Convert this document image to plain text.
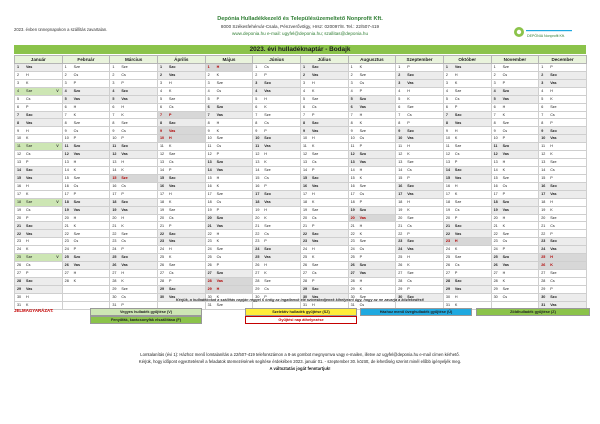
2023. évben ünnepnapokon a szállítás zavartalan.
Depónia Hulladékkezelő és Településüzemeltető Nonprofit Kft.
8000 Székesfehérvár-Csala, Pénzverővölgy, Hrsz: 020097/8. Tel.: 22/507-419
www.deponia.hu e-mail: ugyfel@deponia.hu; szallitas@deponia.hu	DEPÓNIA Nonprofit Kft.
2023. évi hulladéknaptár - Bodajk
Január	Február	Március	Április	Május	Június	Július	Augusztus	Szeptember	Október	November	December
1 Vas	1 Sze	1 Sze	1 Szo	1 H	1 Cs	1 Szo	1 K	1 P	1 Vas	1 Sze	1 P
2 H	2 Cs	2 Cs	2 Vas	2 K	2 P	2 Vas	2 Sze	2 Szo	2 H	2 Cs	2 Szo
3 K	3 P	3 P	3 H	3 Sze	3 Szo	3 H	3 Cs	3 Vas	3 K	3 P	3 Vas
4 Sze V	4 Szo	4 Szo	4 K	4 Cs	4 Vas	4 K	4 P	4 H	4 Sze	4 Szo	4 H
5 Cs	5 Vas	5 Vas	5 Sze	5 P	5 H	5 Sze	5 Szo	5 K	5 Cs	5 Vas	5 K
6 P	6 H	6 H	6 Cs	6 Szo	6 K	6 Cs	6 Vas	6 Sze	6 P	6 H	6 Sze
7 Szo	7 K	7 K	7 P	7 Vas	7 Sze	7 P	7 H	7 Cs	7 Szo	7 K	7 Cs
8 Vas	8 Sze	8 Sze	8 Szo	8 H	8 Cs	8 Szo	8 K	8 P	8 Vas	8 Sze	8 P
9 H	9 Cs	9 Cs	9 Vas	9 K	9 P	9 Vas	9 Sze	9 Szo	9 H	9 Cs	9 Szo
10 K	10 P	10 P	10 H	10 Sze	10 Szo	10 H	10 Cs	10 Vas	10 K	10 P	10 Vas
11 Sze V	11 Szo	11 Szo	11 K	11 Cs	11 Vas	11 K	11 P	11 H	11 Sze	11 Szo	11 H
12 Cs	12 Vas	12 Vas	12 Sze	12 P	12 H	12 Sze	12 Szo	12 K	12 Cs	12 Vas	12 K
13 P	13 H	13 H	13 Cs	13 Szo	13 K	13 Cs	13 Vas	13 Sze	13 P	13 H	13 Sze
14 Szo	14 K	14 K	14 P	14 Vas	14 Sze	14 P	14 H	14 Cs	14 Szo	14 K	14 Cs
15 Vas	15 Sze	15 Sze	15 Szo	15 H	15 Cs	15 Szo	15 K	15 P	15 Vas	15 Sze	15 P
16 H	16 Cs	16 Cs	16 Vas	16 K	16 P	16 Vas	16 Sze	16 Szo	16 H	16 Cs	16 Szo
17 K	17 P	17 P	17 H	17 Sze	17 Szo	17 H	17 Cs	17 Vas	17 K	17 P	17 Vas
18 Sze V	18 Szo	18 Szo	18 K	18 Cs	18 Vas	18 K	18 P	18 H	18 Sze	18 Szo	18 H
19 Cs	19 Vas	19 Vas	19 Sze	19 P	19 H	19 Sze	19 Szo	19 K	19 Cs	19 Vas	19 K
20 P	20 H	20 H	20 Cs	20 Szo	20 K	20 Cs	20 Vas	20 Sze	20 P	20 H	20 Sze
21 Szo	21 K	21 K	21 P	21 Vas	21 Sze	21 P	21 H	21 Cs	21 Szo	21 K	21 Cs
22 Vas	22 Sze	22 Sze	22 Szo	22 H	22 Cs	22 Szo	22 K	22 P	22 Vas	22 Sze	22 P
23 H	23 Cs	23 Cs	23 Vas	23 K	23 P	23 Vas	23 Sze	23 Szo	23 H	23 Cs	23 Szo
24 K	24 P	24 P	24 H	24 Sze	24 Szo	24 H	24 Cs	24 Vas	24 K	24 P	24 Vas
25 Sze V	25 Szo	25 Szo	25 K	25 Cs	25 Vas	25 K	25 P	25 H	25 Sze	25 Szo	25 H
26 Cs	26 Vas	26 Vas	26 Sze	26 P	26 H	26 Sze	26 Szo	26 K	26 Cs	26 Vas	26 K
27 P	27 H	27 H	27 Cs	27 Szo	27 K	27 Cs	27 Vas	27 Sze	27 P	27 H	27 Sze
28 Szo	28 K	28 K	28 P	28 Vas	28 Sze	28 P	28 H	28 Cs	28 Szo	28 K	28 Cs
29 Vas		29 Sze	29 Szo	29 H	29 Cs	29 Szo	29 K	29 P	29 Vas	29 Sze	29 P
30 H		30 Cs	30 Vas	30 K	30 P	30 Vas	30 Sze	30 Szo	30 H	30 Cs	30 Szo
31 K		31 P		31 Sze		31 H	31 Cs		31 K		31 Vas
Kérjük, a hulladékokat a szállítás napján reggel 6 óráig az ingatlanok elé szíveskedjenek kihelyezni úgy, hogy az ne zavarja a közlekedést!
JELMAGYARÁZAT:	Vegyes hulladék gyűjtése (V)	Szelektív hulladék gyűjtése (SZ)	Házhoz menő üveghulladék gyűjtése (Ü)	Zöldhulladék gyűjtése (Z)
Fenyőfák, karácsonyfák elszállítása (F)	Gyűjtési nap áthelyezése
Lomtalanítás (évi 1): Házhoz menő lomtalanítás a 22/507-419 telefonszámon a 8-as gombot megnyomva vagy e-mailen, illetve az ugyfel@deponia.hu e-mail címen kérhető.
Kérjük, hogy időpont egyeztetésnél a feladatok ütemezésének segítése érdekében 2023. január 01. - szeptember 30. között, de lehetőség szerint minél előbb igényeljék meg.
A változtatás jogát fenntartjuk!
